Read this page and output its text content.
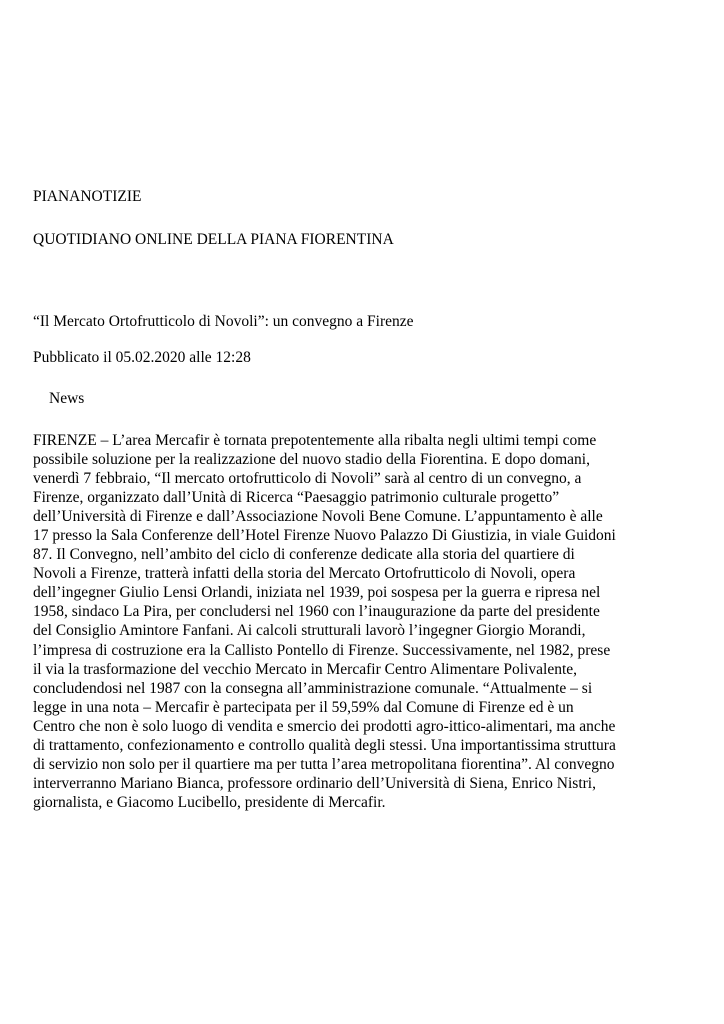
PIANANOTIZIE
QUOTIDIANO ONLINE DELLA PIANA FIORENTINA
“Il Mercato Ortofrutticolo di Novoli”: un convegno a Firenze
Pubblicato il 05.02.2020 alle 12:28
News

FIRENZE – L’area Mercafir è tornata prepotentemente alla ribalta negli ultimi tempi come
possibile soluzione per la realizzazione del nuovo stadio della Fiorentina. E dopo domani,
venerdì 7 febbraio, “Il mercato ortofrutticolo di Novoli” sarà al centro di un convegno, a
Firenze, organizzato dall’Unità di Ricerca “Paesaggio patrimonio culturale progetto”
dell’Università di Firenze e dall’Associazione Novoli Bene Comune. L’appuntamento è alle
17 presso la Sala Conferenze dell’Hotel Firenze Nuovo Palazzo Di Giustizia, in viale Guidoni
87. Il Convegno, nell’ambito del ciclo di conferenze dedicate alla storia del quartiere di
Novoli a Firenze, tratterà infatti della storia del Mercato Ortofrutticolo di Novoli, opera
dell’ingegner Giulio Lensi Orlandi, iniziata nel 1939, poi sospesa per la guerra e ripresa nel
1958, sindaco La Pira, per concludersi nel 1960 con l’inaugurazione da parte del presidente
del Consiglio Amintore Fanfani. Ai calcoli strutturali lavorò l’ingegner Giorgio Morandi,
l’impresa di costruzione era la Callisto Pontello di Firenze. Successivamente, nel 1982, prese
il via la trasformazione del vecchio Mercato in Mercafir Centro Alimentare Polivalente,
concludendosi nel 1987 con la consegna all’amministrazione comunale. “Attualmente – si
legge in una nota – Mercafir è partecipata per il 59,59% dal Comune di Firenze ed è un
Centro che non è solo luogo di vendita e smercio dei prodotti agro-ittico-alimentari, ma anche
di trattamento, confezionamento e controllo qualità degli stessi. Una importantissima struttura
di servizio non solo per il quartiere ma per tutta l’area metropolitana fiorentina”. Al convegno
interverranno Mariano Bianca, professore ordinario dell’Università di Siena, Enrico Nistri,
giornalista, e Giacomo Lucibello, presidente di Mercafir.
